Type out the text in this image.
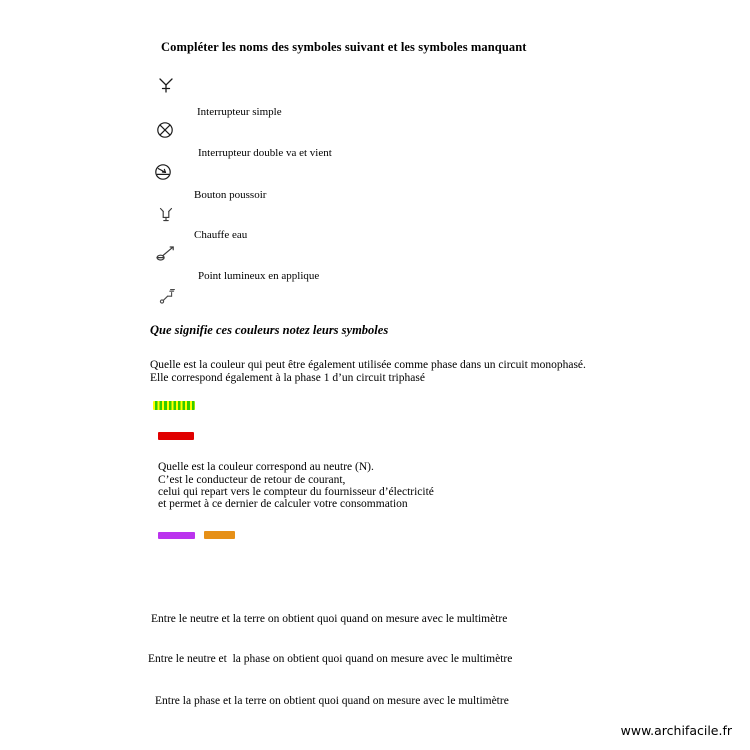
Compléter les noms des symboles suivant et les symboles manquant
Interrupteur simple
Interrupteur double va et vient
Bouton poussoir
Chauffe eau
Point lumineux en applique
Que signifie ces couleurs notez leurs symboles
Quelle est la couleur qui peut être également utilisée comme phase dans un circuit monophasé.
Elle correspond également à la phase 1 d’un circuit triphasé
Quelle est la couleur correspond au neutre (N).
C’est le conducteur de retour de courant,
celui qui repart vers le compteur du fournisseur d’électricité
et permet à ce dernier de calculer votre consommation
Entre le neutre et la terre on obtient quoi quand on mesure avec le multimètre
Entre le neutre et  la phase on obtient quoi quand on mesure avec le multimètre
Entre la phase et la terre on obtient quoi quand on mesure avec le multimètre
www.archifacile.fr
